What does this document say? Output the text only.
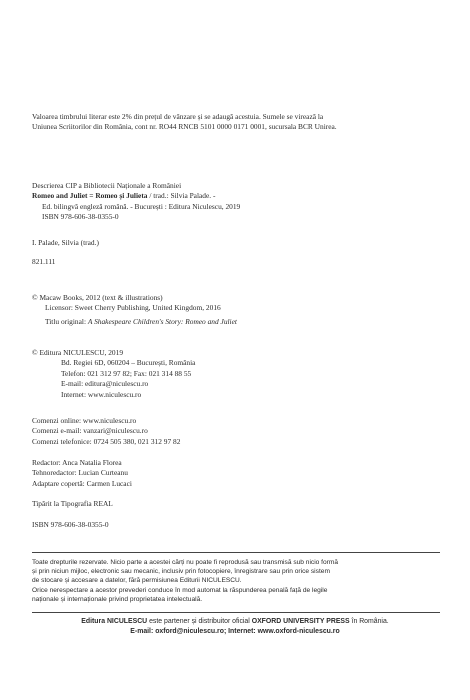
Valoarea timbrului literar este 2% din prețul de vânzare și se adaugă acestuia. Sumele se virează la
Uniunea Scriitorilor din România, cont nr. RO44 RNCB 5101 0000 0171 0001, sucursala BCR Unirea.
Descrierea CIP a Bibliotecii Naționale a României
Romeo and Juliet = Romeo și Julieta / trad.: Silvia Palade. -
Ed. bilingvă engleză română. - București : Editura Niculescu, 2019
ISBN 978-606-38-0355-0
I. Palade, Silvia (trad.)
821.111
© Macaw Books, 2012 (text & illustrations)
Licensor: Sweet Cherry Publishing, United Kingdom, 2016
Titlu original: A Shakespeare Children's Story: Romeo and Juliet
© Editura NICULESCU, 2019
Bd. Regiei 6D, 060204 – București, România
Telefon: 021 312 97 82; Fax: 021 314 88 55
E-mail: editura@niculescu.ro
Internet: www.niculescu.ro
Comenzi online: www.niculescu.ro
Comenzi e-mail: vanzari@niculescu.ro
Comenzi telefonice: 0724 505 380, 021 312 97 82
Redactor: Anca Natalia Florea
Tehnoredactor: Lucian Curteanu
Adaptare copertă: Carmen Lucaci
Tipărit la Tipografia REAL
ISBN 978-606-38-0355-0
Toate drepturile rezervate. Nicio parte a acestei cărți nu poate fi reprodusă sau transmisă sub nicio formă
și prin niciun mijloc, electronic sau mecanic, inclusiv prin fotocopiere, înregistrare sau prin orice sistem
de stocare și accesare a datelor, fără permisiunea Editurii NICULESCU.
Orice nerespectare a acestor prevederi conduce în mod automat la răspunderea penală față de legile
naționale și internaționale privind proprietatea intelectuală.
Editura NICULESCU este partener și distribuitor oficial OXFORD UNIVERSITY PRESS în România.
E-mail: oxford@niculescu.ro; Internet: www.oxford-niculescu.ro
